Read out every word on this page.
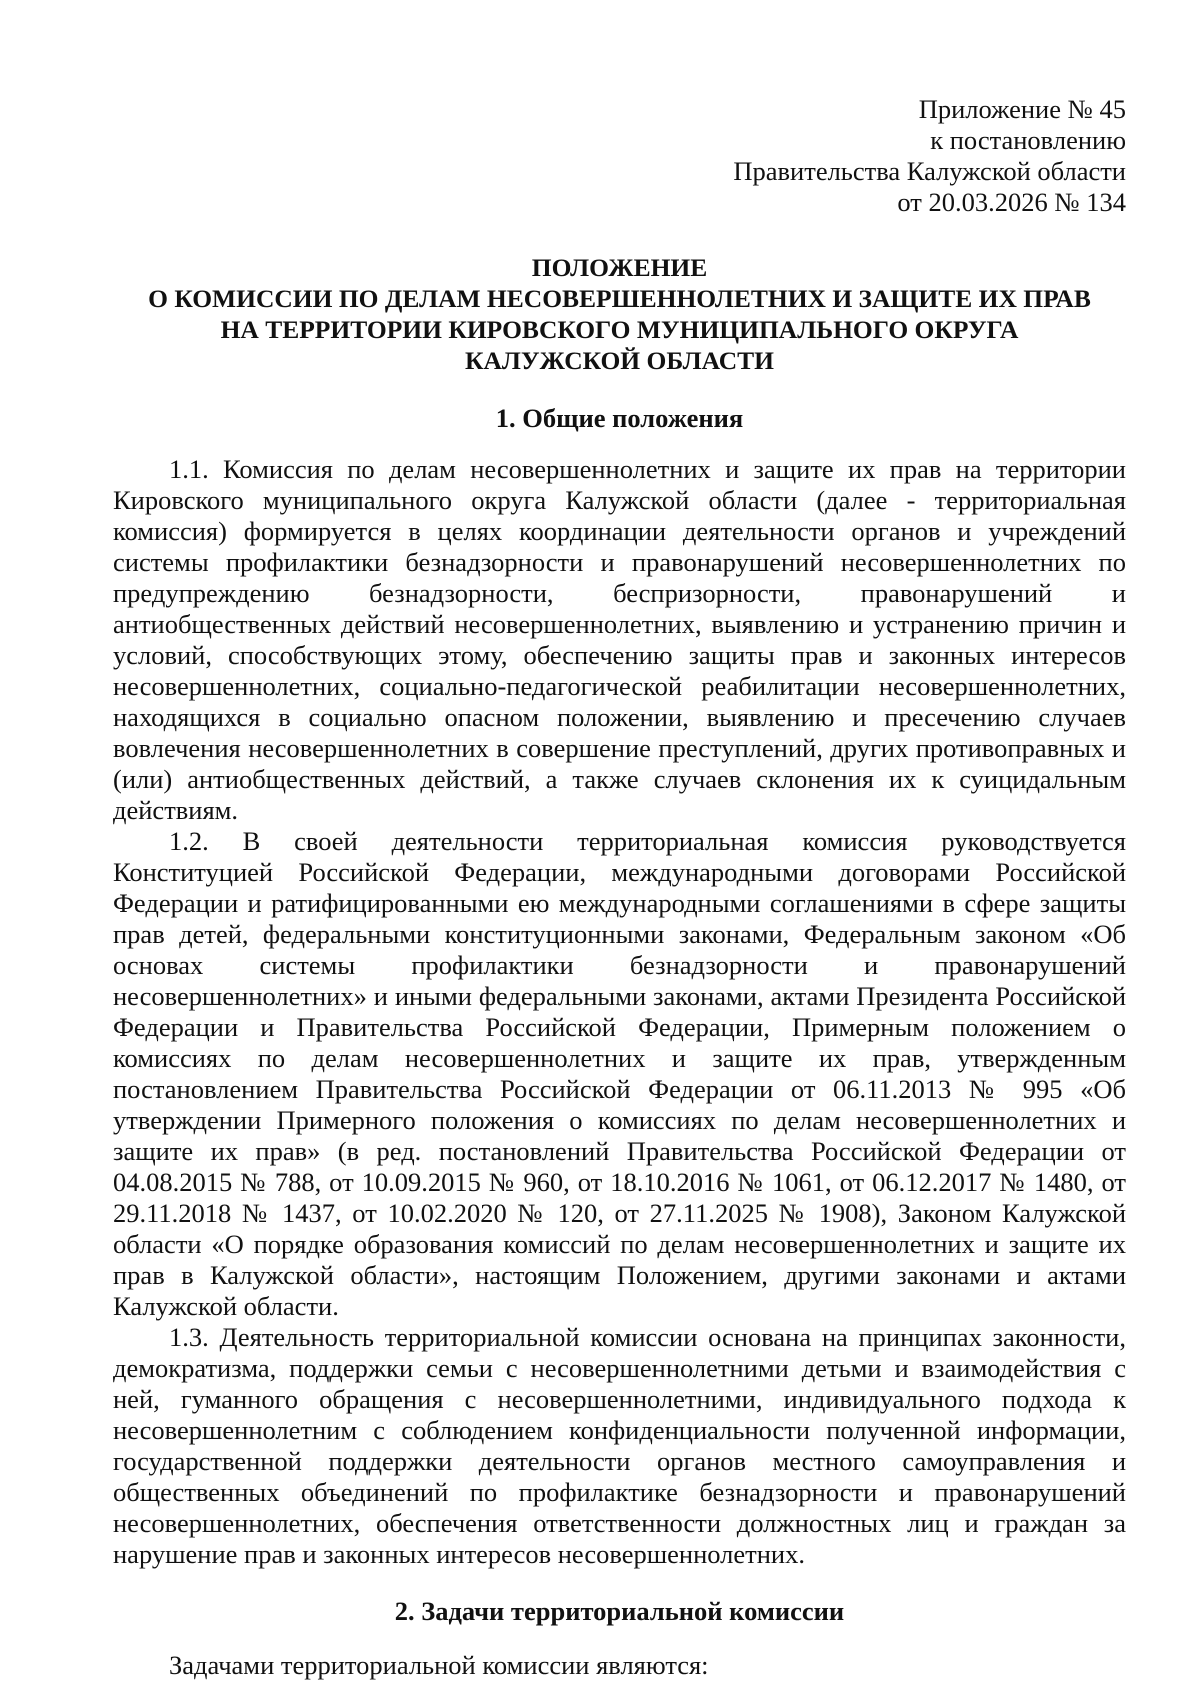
Приложение № 45
к постановлению
Правительства Калужской области
от 20.03.2026 № 134
ПОЛОЖЕНИЕ
О КОМИССИИ ПО ДЕЛАМ НЕСОВЕРШЕННОЛЕТНИХ И ЗАЩИТЕ ИХ ПРАВ
НА ТЕРРИТОРИИ КИРОВСКОГО МУНИЦИПАЛЬНОГО ОКРУГА
КАЛУЖСКОЙ ОБЛАСТИ
1. Общие положения

1.1. Комиссия по делам несовершеннолетних и защите их прав на территории Кировского муниципального округа Калужской области (далее - территориальная комиссия) формируется в целях координации деятельности органов и учреждений системы профилактики безнадзорности и правонарушений несовершеннолетних по предупреждению безнадзорности, беспризорности, правонарушений и антиобщественных действий несовершеннолетних, выявлению и устранению причин и условий, способствующих этому, обеспечению защиты прав и законных интересов несовершеннолетних, социально-педагогической реабилитации несовершеннолетних, находящихся в социально опасном положении, выявлению и пресечению случаев вовлечения несовершеннолетних в совершение преступлений, других противоправных и (или) антиобщественных действий, а также случаев склонения их к суицидальным действиям.

1.2. В своей деятельности территориальная комиссия руководствуется Конституцией Российской Федерации, международными договорами Российской Федерации и ратифицированными ею международными соглашениями в сфере защиты прав детей, федеральными конституционными законами, Федеральным законом «Об основах системы профилактики безнадзорности и правонарушений несовершеннолетних» и иными федеральными законами, актами Президента Российской Федерации и Правительства Российской Федерации, Примерным положением о комиссиях по делам несовершеннолетних и защите их прав, утвержденным постановлением Правительства Российской Федерации от 06.11.2013 № 995 «Об утверждении Примерного положения о комиссиях по делам несовершеннолетних и защите их прав» (в ред. постановлений Правительства Российской Федерации от 04.08.2015 № 788, от 10.09.2015 № 960, от 18.10.2016 № 1061, от 06.12.2017 № 1480, от 29.11.2018 № 1437, от 10.02.2020 № 120, от 27.11.2025 № 1908), Законом Калужской области «О порядке образования комиссий по делам несовершеннолетних и защите их прав в Калужской области», настоящим Положением, другими законами и актами Калужской области.

1.3. Деятельность территориальной комиссии основана на принципах законности, демократизма, поддержки семьи с несовершеннолетними детьми и взаимодействия с ней, гуманного обращения с несовершеннолетними, индивидуального подхода к несовершеннолетним с соблюдением конфиденциальности полученной информации, государственной поддержки деятельности органов местного самоуправления и общественных объединений по профилактике безнадзорности и правонарушений несовершеннолетних, обеспечения ответственности должностных лиц и граждан за нарушение прав и законных интересов несовершеннолетних.

2. Задачи территориальной комиссии

Задачами территориальной комиссии являются:
